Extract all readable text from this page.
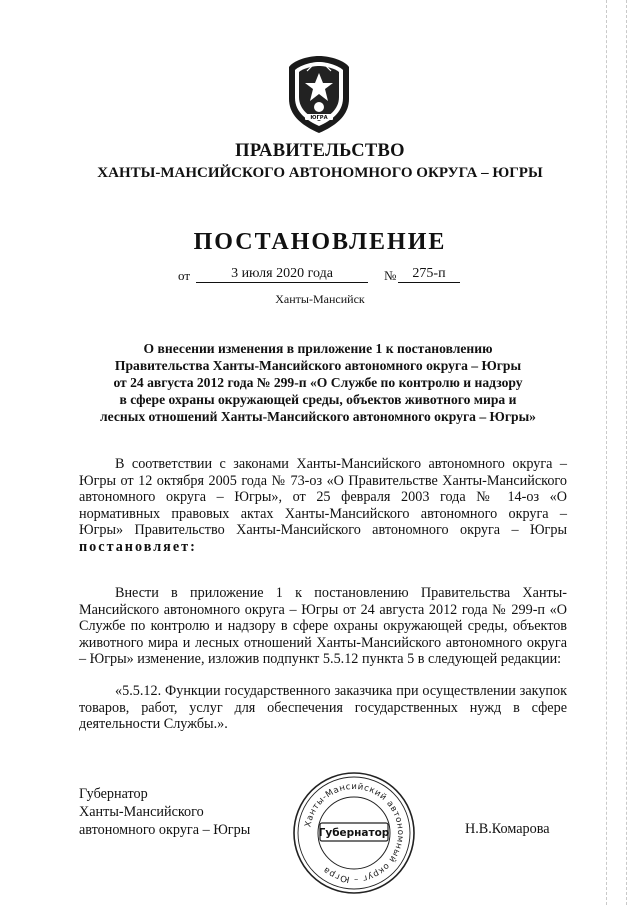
ЮГРА
ПРАВИТЕЛЬСТВО
ХАНТЫ-МАНСИЙСКОГО АВТОНОМНОГО ОКРУГА – ЮГРЫ
ПОСТАНОВЛЕНИЕ
от	3 июля 2020 года	№	275-п
Ханты-Мансийск
О внесении изменения в приложение 1 к постановлению
Правительства Ханты-Мансийского автономного округа – Югры
от 24 августа 2012 года № 299-п «О Службе по контролю и надзору
в сфере охраны окружающей среды, объектов животного мира и
лесных отношений Ханты-Мансийского автономного округа – Югры»

В соответствии с законами Ханты-Мансийского автономного округа – Югры от 12 октября 2005 года № 73-оз «О Правительстве Ханты-Мансийского автономного округа – Югры», от 25 февраля 2003 года № 14-оз «О нормативных правовых актах Ханты-Мансийского автономного округа – Югры» Правительство Ханты-Мансийского автономного округа – Югры постановляет:

Внести в приложение 1 к постановлению Правительства Ханты-Мансийского автономного округа – Югры от 24 августа 2012 года № 299-п «О Службе по контролю и надзору в сфере охраны окружающей среды, объектов животного мира и лесных отношений Ханты-Мансийского автономного округа – Югры» изменение, изложив подпункт 5.5.12 пункта 5 в следующей редакции:

«5.5.12. Функции государственного заказчика при осуществлении закупок товаров, работ, услуг для обеспечения государственных нужд в сфере деятельности Службы.».

Губернатор
Ханты-Мансийского
автономного округа – Югры	Ханты-Мансийский автономный округ – Югра
Губернатор	Н.В.Комарова
